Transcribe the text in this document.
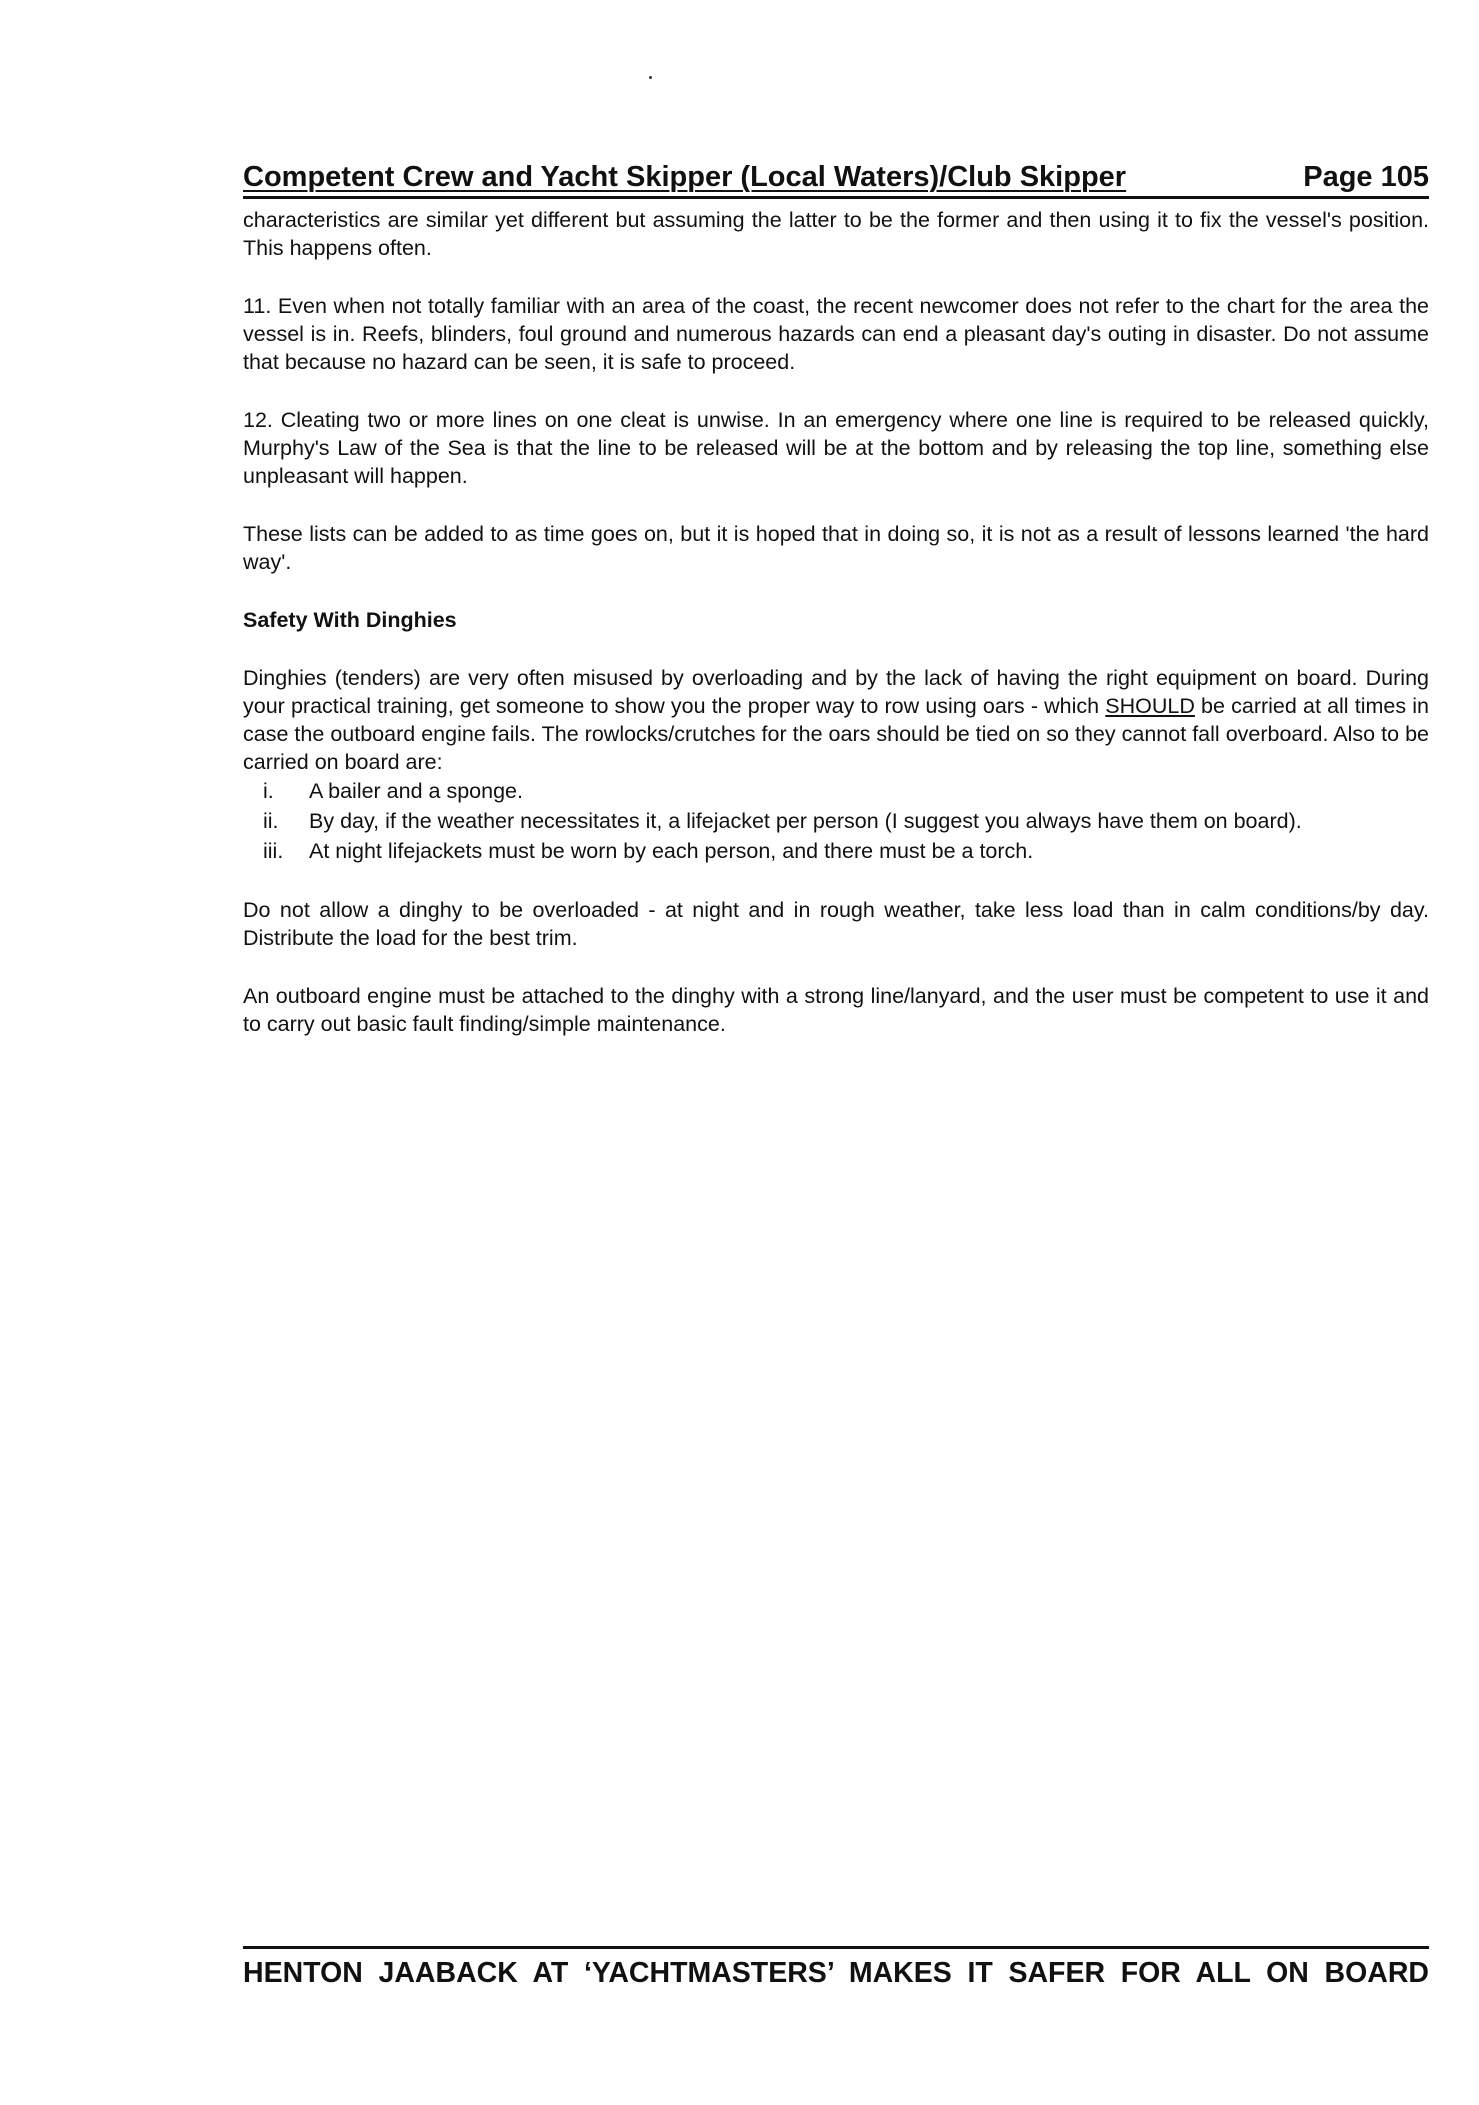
Competent Crew and Yacht Skipper (Local Waters)/Club Skipper	Page 105

characteristics are similar yet different but assuming the latter to be the former and then using it to fix the vessel's position. This happens often.

11. Even when not totally familiar with an area of the coast, the recent newcomer does not refer to the chart for the area the vessel is in. Reefs, blinders, foul ground and numerous hazards can end a pleasant day's outing in disaster. Do not assume that because no hazard can be seen, it is safe to proceed.

12. Cleating two or more lines on one cleat is unwise. In an emergency where one line is required to be released quickly, Murphy's Law of the Sea is that the line to be released will be at the bottom and by releasing the top line, something else unpleasant will happen.

These lists can be added to as time goes on, but it is hoped that in doing so, it is not as a result of lessons learned 'the hard way'.

Safety With Dinghies

Dinghies (tenders) are very often misused by overloading and by the lack of having the right equipment on board. During your practical training, get someone to show you the proper way to row using oars - which SHOULD be carried at all times in case the outboard engine fails. The rowlocks/crutches for the oars should be tied on so they cannot fall overboard. Also to be carried on board are:

i.	A bailer and a sponge.
ii.	By day, if the weather necessitates it, a lifejacket per person (I suggest you always have them on board).
iii.	At night lifejackets must be worn by each person, and there must be a torch.

Do not allow a dinghy to be overloaded - at night and in rough weather, take less load than in calm conditions/by day. Distribute the load for the best trim.

An outboard engine must be attached to the dinghy with a strong line/lanyard, and the user must be competent to use it and to carry out basic fault finding/simple maintenance.

HENTON JAABACK AT ‘YACHTMASTERS’ MAKES IT SAFER FOR ALL ON BOARD
